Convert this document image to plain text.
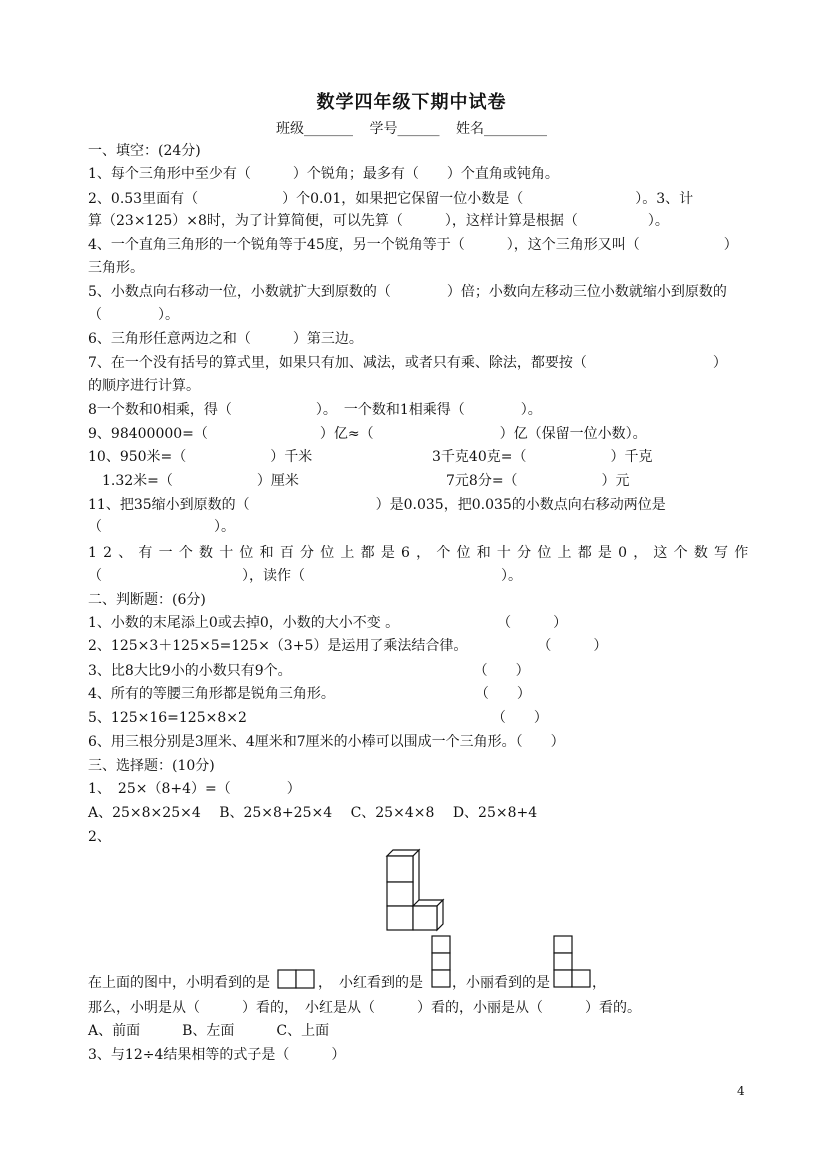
数学四年级下期中试卷
班级_______ 学号______ 姓名_________
一、填空：(24分)
1、每个三角形中至少有（　　　）个锐角；最多有（　　）个直角或钝角。
2、0.53里面有（　　　　　　）个0.01，如果把它保留一位小数是（　　　　　　　　）。3、计
算（23×125）×8时，为了计算简便，可以先算（　　　），这样计算是根据（　　　　　）。
4、一个直角三角形的一个锐角等于45度，另一个锐角等于（　　　），这个三角形又叫（　　　　　　）
三角形。
5、小数点向右移动一位，小数就扩大到原数的（　　　　）倍；小数向左移动三位小数就缩小到原数的
（　　　　）。
6、三角形任意两边之和（　　　）第三边。
7、在一个没有括号的算式里，如果只有加、减法，或者只有乘、除法，都要按（　　　　　　　　　）
的顺序进行计算。
8一个数和0相乘，得（　　　　　　）。　一个数和1相乘得（　　　　）。
9、98400000=（　　　　　　　　）亿≈（　　　　　　　　　）亿（保留一位小数）。
10、950米=（　　　　　　）千米	3千克40克=（　　　　　　）千克
　1.32米=（　　　　　　）厘米	　7元8分=（　　　　　　）元
11、把35缩小到原数的（　　　　　　　　　）是0.035，把0.035的小数点向右移动两位是
（　　　　　　　　）。
12、有一个数十位和百分位上都是6，个位和十分位上都是0，这个数写作
（　　　　　　　　　　），读作（　　　　　　　　　　　　　　）。
二、判断题：(6分)
1、小数的末尾添上0或去掉0，小数的大小不变 。　　　　　　　　（　　　）
2、125×3＋125×5=125×（3+5）是运用了乘法结合律。　　　　　　（　　　）
3、比8大比9小的小数只有9个。　　　　　　　　　　　　　　（　　）
4、所有的等腰三角形都是锐角三角形。　　　　　　　　　　　（　　）
5、125×16=125×8×2　　　　　　　　　　　　　　　　　　（　　）
6、用三根分别是3厘米、4厘米和7厘米的小棒可以围成一个三角形。（　　）
三、选择题：(10分)
1、　25×（8+4）=（　　　　）
A、25×8×25×4　 B、25×8+25×4　 C、25×4×8　 D、25×8+4
2、
在上面的图中，小明看到的是	，　小红看到的是 ，小丽看到的是	，
那么，小明是从（　　　）看的，　小红是从（　　　）看的，小丽是从（　　　）看的。
A、前面　　　B、左面　　　C、上面
3、与12÷4结果相等的式子是（　　　）
4
